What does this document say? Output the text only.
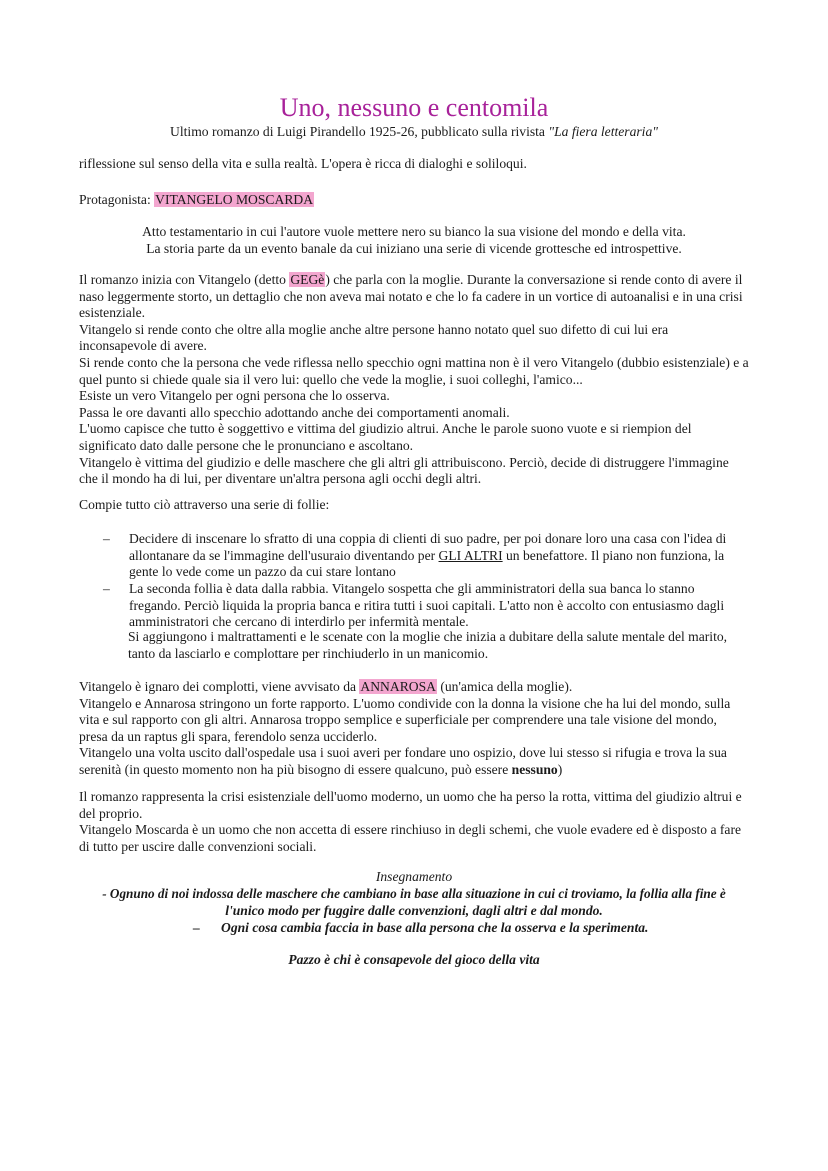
Uno, nessuno e centomila
Ultimo romanzo di Luigi Pirandello 1925-26, pubblicato sulla rivista "La fiera letteraria"
riflessione sul senso della vita e sulla realtà. L'opera è ricca di dialoghi e soliloqui.
Protagonista: VITANGELO MOSCARDA
Atto testamentario in cui l'autore vuole mettere nero su bianco la sua visione del mondo e della vita.
La storia parte da un evento banale da cui iniziano una serie di vicende grottesche ed introspettive.
Il romanzo inizia con Vitangelo (detto GEGè) che parla con la moglie. Durante la conversazione si rende conto di avere il naso leggermente storto, un dettaglio che non aveva mai notato e che lo fa cadere in un vortice di autoanalisi e in una crisi esistenziale.
Vitangelo si rende conto che oltre alla moglie anche altre persone hanno notato quel suo difetto di cui lui era inconsapevole di avere.
Si rende conto che la persona che vede riflessa nello specchio ogni mattina non è il vero Vitangelo (dubbio esistenziale) e a quel punto si chiede quale sia il vero lui: quello che vede la moglie, i suoi colleghi, l'amico...
Esiste un vero Vitangelo per ogni persona che lo osserva.
Passa le ore davanti allo specchio adottando anche dei comportamenti anomali.
L'uomo capisce che tutto è soggettivo e vittima del giudizio altrui. Anche le parole suono vuote e si riempion del significato dato dalle persone che le pronunciano e ascoltano.
Vitangelo è vittima del giudizio e delle maschere che gli altri gli attribuiscono. Perciò, decide di distruggere l'immagine che il mondo ha di lui, per diventare un'altra persona agli occhi degli altri.
Compie tutto ciò attraverso una serie di follie:
–	Decidere di inscenare lo sfratto di una coppia di clienti di suo padre, per poi donare loro una casa con l'idea di allontanare da se l'immagine dell'usuraio diventando per GLI ALTRI un benefattore. Il piano non funziona, la gente lo vede come un pazzo da cui stare lontano
–	La seconda follia è data dalla rabbia. Vitangelo sospetta che gli amministratori della sua banca lo stanno fregando. Perciò liquida la propria banca e ritira tutti i suoi capitali. L'atto non è accolto con entusiasmo dagli amministratori che cercano di interdirlo per infermità mentale.
Si aggiungono i maltrattamenti e le scenate con la moglie che inizia a dubitare della salute mentale del marito,
tanto da lasciarlo e complottare per rinchiuderlo in un manicomio.
Vitangelo è ignaro dei complotti, viene avvisato da ANNAROSA (un'amica della moglie).
Vitangelo e Annarosa stringono un forte rapporto. L'uomo condivide con la donna la visione che ha lui del mondo, sulla vita e sul rapporto con gli altri. Annarosa troppo semplice e superficiale per comprendere una tale visione del mondo, presa da un raptus gli spara, ferendolo senza ucciderlo.
Vitangelo una volta uscito dall'ospedale usa i suoi averi per fondare uno ospizio, dove lui stesso si rifugia e trova la sua serenità (in questo momento non ha più bisogno di essere qualcuno, può essere nessuno)
Il romanzo rappresenta la crisi esistenziale dell'uomo moderno, un uomo che ha perso la rotta, vittima del giudizio altrui e del proprio.
Vitangelo Moscarda è un uomo che non accetta di essere rinchiuso in degli schemi, che vuole evadere ed è disposto a fare di tutto per uscire dalle convenzioni sociali.
Insegnamento
- Ognuno di noi indossa delle maschere che cambiano in base alla situazione in cui ci troviamo, la follia alla fine è
l'unico modo per fuggire dalle convenzioni, dagli altri e dal mondo.
– Ogni cosa cambia faccia in base alla persona che la osserva e la sperimenta.
Pazzo è chi è consapevole del gioco della vita
